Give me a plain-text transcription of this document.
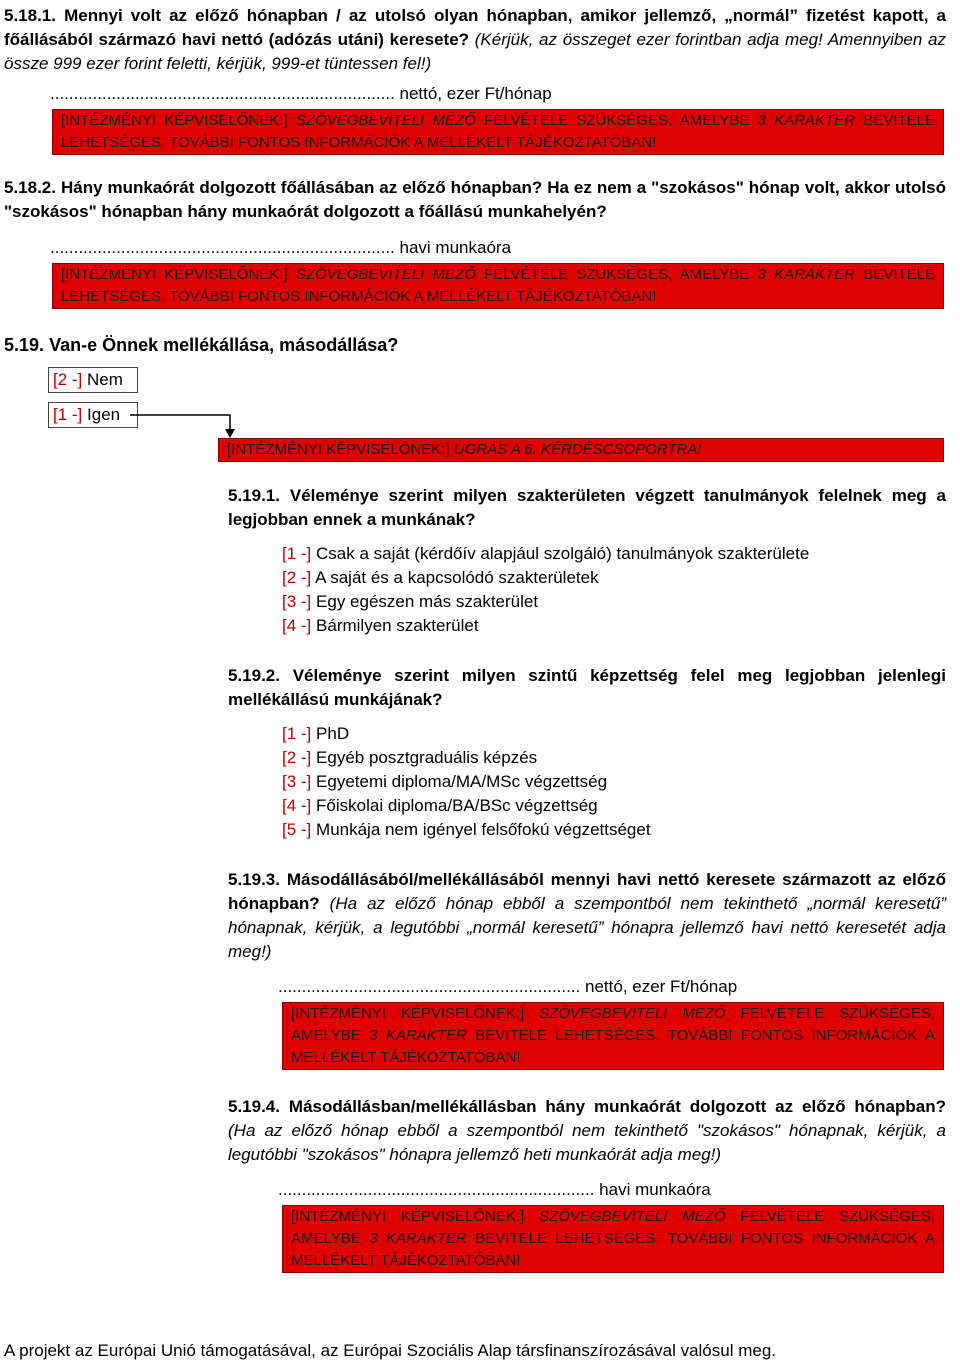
5.18.1. Mennyi volt az előző hónapban / az utolsó olyan hónapban, amikor jellemző, „normál” fizetést kapott, a főállásából származó havi nettó (adózás utáni) keresete? (Kérjük, az összeget ezer forintban adja meg! Amennyiben az össze 999 ezer forint feletti, kérjük, 999-et tüntessen fel!)
......................................................................... nettó, ezer Ft/hónap
[INTÉZMÉNYI KÉPVISELŐNEK:] SZÖVEGBEVITELI MEZŐ FELVÉTELE SZÜKSÉGES, AMELYBE 3 KARAKTER BEVITELE LEHETSÉGES. TOVÁBBI FONTOS INFORMÁCIÓK A MELLÉKELT TÁJÉKOZTATÓBAN!
5.18.2. Hány munkaórát dolgozott főállásában az előző hónapban? Ha ez nem a "szokásos" hónap volt, akkor utolsó "szokásos" hónapban hány munkaórát dolgozott a főállású munkahelyén?
......................................................................... havi munkaóra
[INTÉZMÉNYI KÉPVISELŐNEK:] SZÖVEGBEVITELI MEZŐ FELVÉTELE SZÜKSÉGES, AMELYBE 3 KARAKTER BEVITELE LEHETSÉGES. TOVÁBBI FONTOS INFORMÁCIÓK A MELLÉKELT TÁJÉKOZTATÓBAN!
5.19. Van-e Önnek mellékállása, másodállása?
[2 -] Nem
[1 -] Igen
[INTÉZMÉNYI KÉPVISELŐNEK:] UGRÁS A 6. KÉRDÉSCSOPORTRA!
5.19.1. Véleménye szerint milyen szakterületen végzett tanulmányok felelnek meg a legjobban ennek a munkának?
[1 -] Csak a saját (kérdőív alapjául szolgáló) tanulmányok szakterülete
[2 -] A saját és a kapcsolódó szakterületek
[3 -] Egy egészen más szakterület
[4 -] Bármilyen szakterület
5.19.2. Véleménye szerint milyen szintű képzettség felel meg legjobban jelenlegi mellékállású munkájának?
[1 -] PhD
[2 -] Egyéb posztgraduális képzés
[3 -] Egyetemi diploma/MA/MSc végzettség
[4 -] Főiskolai diploma/BA/BSc végzettség
[5 -] Munkája nem igényel felsőfokú végzettséget
5.19.3. Másodállásából/mellékállásából mennyi havi nettó keresete származott az előző hónapban? (Ha az előző hónap ebből a szempontból nem tekinthető „normál keresetű” hónapnak, kérjük, a legutóbbi „normál keresetű” hónapra jellemző havi nettó keresetét adja meg!)
................................................................ nettó, ezer Ft/hónap
[INTÉZMÉNYI KÉPVISELŐNEK:] SZÖVEGBEVITELI MEZŐ FELVÉTELE SZÜKSÉGES, AMELYBE 3 KARAKTER BEVITELE LEHETSÉGES. TOVÁBBI FONTOS INFORMÁCIÓK A MELLÉKELT TÁJÉKOZTATÓBAN!
5.19.4. Másodállásban/mellékállásban hány munkaórát dolgozott az előző hónapban? (Ha az előző hónap ebből a szempontból nem tekinthető "szokásos" hónapnak, kérjük, a legutóbbi "szokásos" hónapra jellemző heti munkaórát adja meg!)
................................................................... havi munkaóra
[INTÉZMÉNYI KÉPVISELŐNEK:] SZÖVEGBEVITELI MEZŐ FELVÉTELE SZÜKSÉGES, AMELYBE 3 KARAKTER BEVITELE LEHETSÉGES. TOVÁBBI FONTOS INFORMÁCIÓK A MELLÉKELT TÁJÉKOZTATÓBAN!
A projekt az Európai Unió támogatásával, az Európai Szociális Alap társfinanszírozásával valósul meg.
